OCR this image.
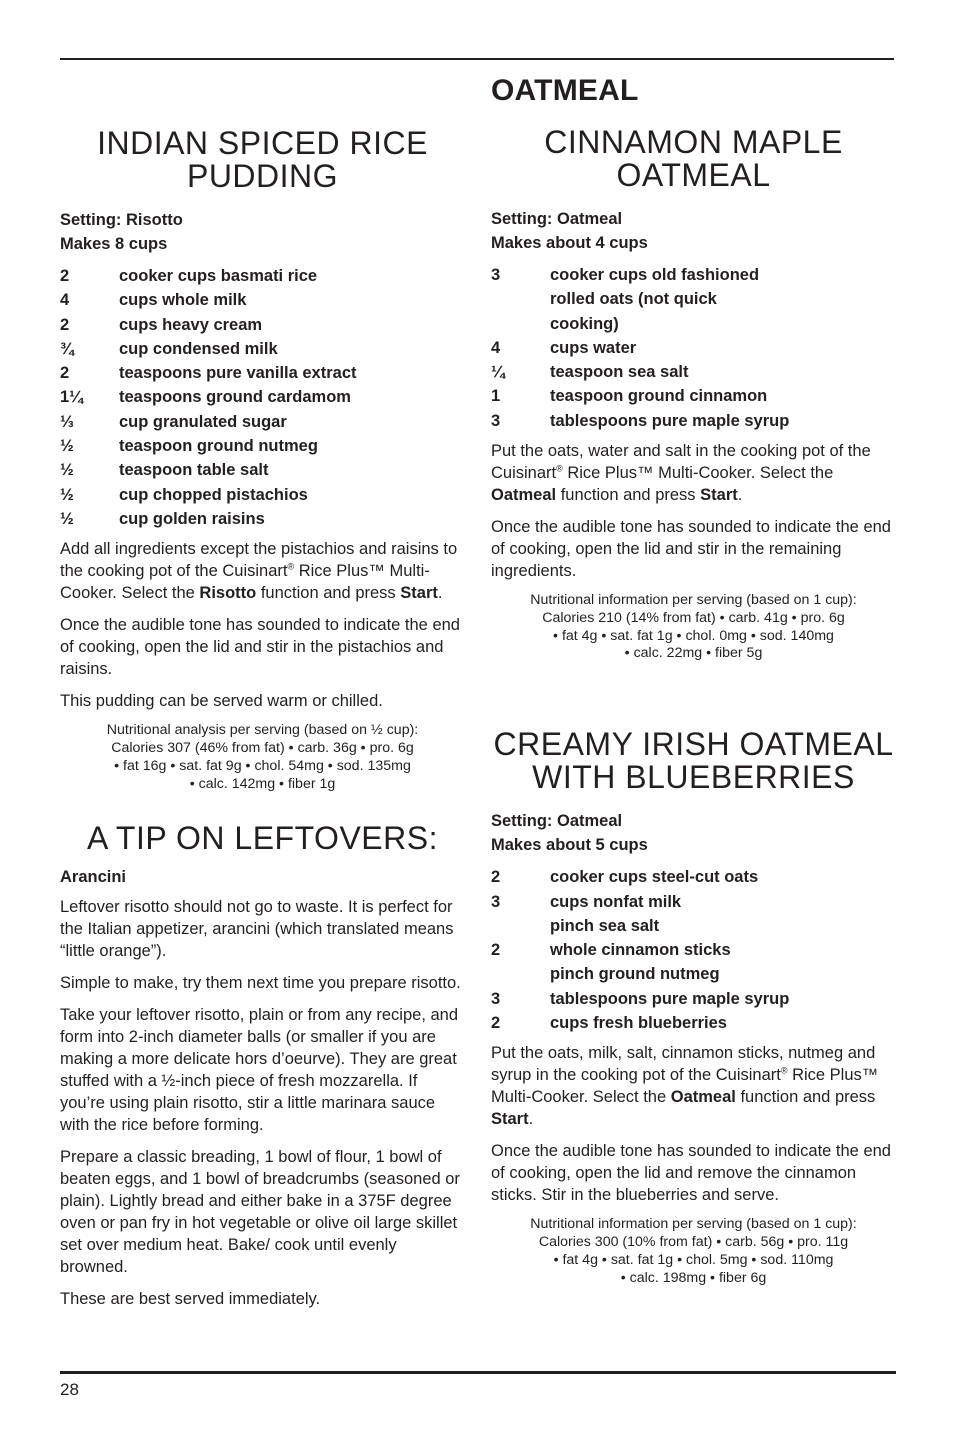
INDIAN SPICED RICE PUDDING
Setting: Risotto
Makes 8 cups
2	cooker cups basmati rice
4	cups whole milk
2	cups heavy cream
¾	cup condensed milk
2	teaspoons pure vanilla extract
1¼	teaspoons ground cardamom
⅓	cup granulated sugar
½	teaspoon ground nutmeg
½	teaspoon table salt
½	cup chopped pistachios
½	cup golden raisins

Add all ingredients except the pistachios and raisins to the cooking pot of the Cuisinart® Rice Plus™ Multi-Cooker. Select the Risotto function and press Start.

Once the audible tone has sounded to indicate the end of cooking, open the lid and stir in the pistachios and raisins.

This pudding can be served warm or chilled.

Nutritional analysis per serving (based on ½ cup):
Calories 307 (46% from fat) • carb. 36g • pro. 6g
• fat 16g • sat. fat 9g • chol. 54mg • sod. 135mg
• calc. 142mg • fiber 1g
A TIP ON LEFTOVERS:
Arancini

Leftover risotto should not go to waste. It is perfect for the Italian appetizer, arancini (which translated means “little orange”).

Simple to make, try them next time you prepare risotto.

Take your leftover risotto, plain or from any recipe, and form into 2-inch diameter balls (or smaller if you are making a more delicate hors d’oeurve). They are great stuffed with a ½-inch piece of fresh mozzarella. If you’re using plain risotto, stir a little marinara sauce with the rice before forming.

Prepare a classic breading, 1 bowl of flour, 1 bowl of beaten eggs, and 1 bowl of breadcrumbs (seasoned or plain). Lightly bread and either bake in a 375F degree oven or pan fry in hot vegetable or olive oil large skillet set over medium heat. Bake/ cook until evenly browned.

These are best served immediately.

OATMEAL
CINNAMON MAPLE OATMEAL
Setting: Oatmeal
Makes about 4 cups
3	cooker cups old fashioned rolled oats (not quick cooking)
4	cups water
¼	teaspoon sea salt
1	teaspoon ground cinnamon
3	tablespoons pure maple syrup

Put the oats, water and salt in the cooking pot of the Cuisinart® Rice Plus™ Multi-Cooker. Select the Oatmeal function and press Start.

Once the audible tone has sounded to indicate the end of cooking, open the lid and stir in the remaining ingredients.

Nutritional information per serving (based on 1 cup):
Calories 210 (14% from fat) • carb. 41g • pro. 6g
• fat 4g • sat. fat 1g • chol. 0mg • sod. 140mg
• calc. 22mg • fiber 5g
CREAMY IRISH OATMEAL WITH BLUEBERRIES
Setting: Oatmeal
Makes about 5 cups
2	cooker cups steel-cut oats
3	cups nonfat milk
pinch sea salt
2	whole cinnamon sticks
pinch ground nutmeg
3	tablespoons pure maple syrup
2	cups fresh blueberries

Put the oats, milk, salt, cinnamon sticks, nutmeg and syrup in the cooking pot of the Cuisinart® Rice Plus™ Multi-Cooker. Select the Oatmeal function and press Start.

Once the audible tone has sounded to indicate the end of cooking, open the lid and remove the cinnamon sticks. Stir in the blueberries and serve.

Nutritional information per serving (based on 1 cup):
Calories 300 (10% from fat) • carb. 56g • pro. 11g
• fat 4g • sat. fat 1g • chol. 5mg • sod. 110mg
• calc. 198mg • fiber 6g
28
